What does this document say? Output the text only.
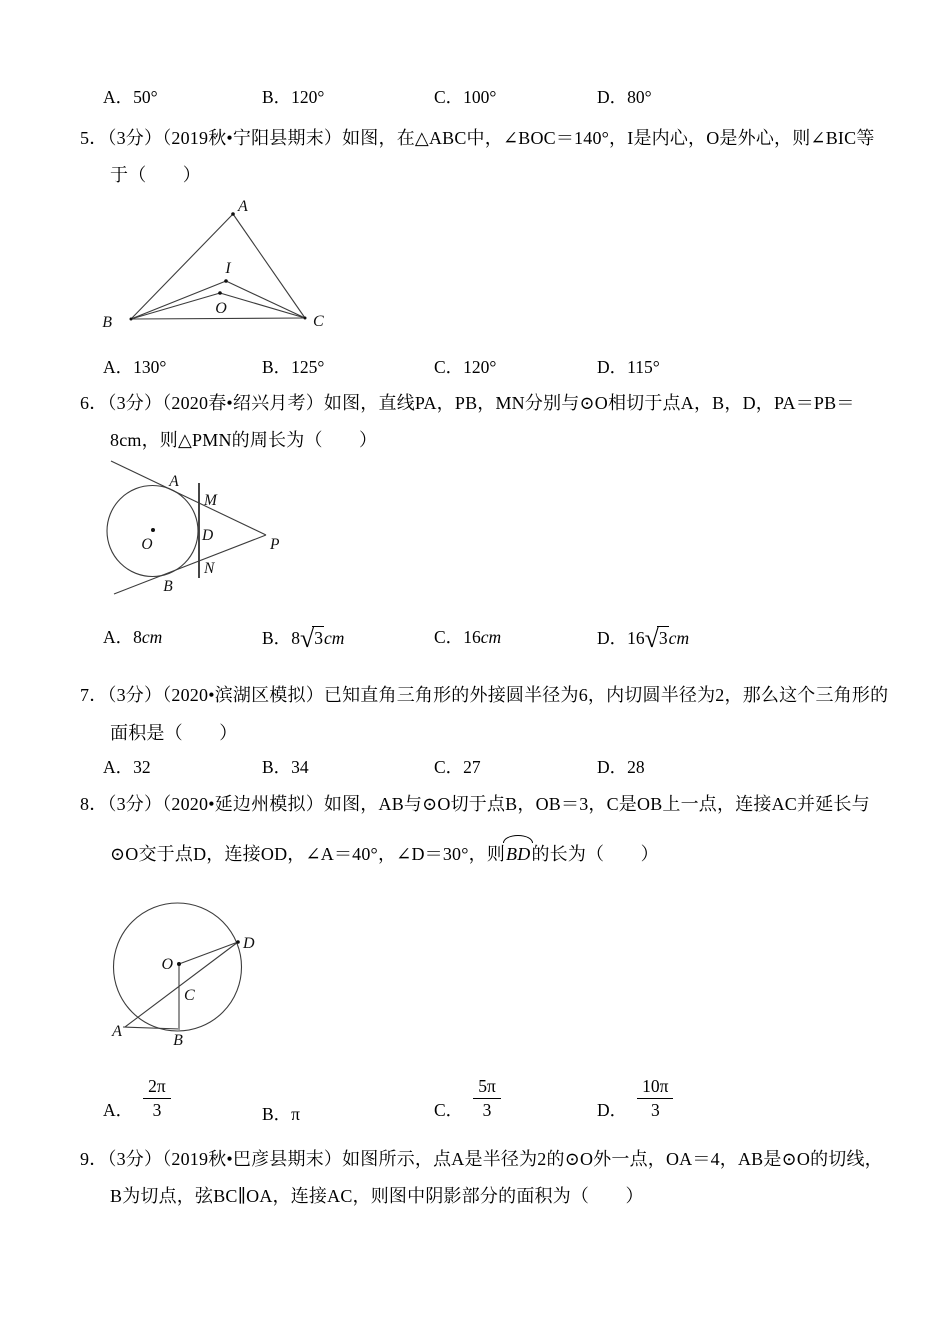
A．50°	B．120°	C．100°	D．80°
5．（3分）（2019秋•宁阳县期末）如图，在△ABC中，∠BOC＝140°，I是内心，O是外心，则∠BIC等
于（　　）
A
B	C
I
O
A．130°	B．125°	C．120°	D．115°
6．（3分）（2020春•绍兴月考）如图，直线PA，PB，MN分别与⊙O相切于点A，B，D，PA＝PB＝
8cm，则△PMN的周长为（　　）
A
M
D
N
B
P
O
A．8cm	B．8 √ 3cm	C．16cm	D．16 √ 3cm
7．（3分）（2020•滨湖区模拟）已知直角三角形的外接圆半径为6，内切圆半径为2，那么这个三角形的
面积是（　　）
A．32	B．34	C．27	D．28
8．（3分）（2020•延边州模拟）如图，AB与⊙O切于点B，OB＝3，C是OB上一点，连接AC并延长与
⊙O交于点D，连接OD，∠A＝40°，∠D＝30°，则BD的长为（　　）
O
D
C
B
A
A． $\frac{2\pi}{3}$	B．π	C． $\frac{5\pi}{3}$	D． $\frac{10\pi}{3}$
9．（3分）（2019秋•巴彦县期末）如图所示，点A是半径为2的⊙O外一点，OA＝4，AB是⊙O的切线，
B为切点，弦BC∥OA，连接AC，则图中阴影部分的面积为（　　）
